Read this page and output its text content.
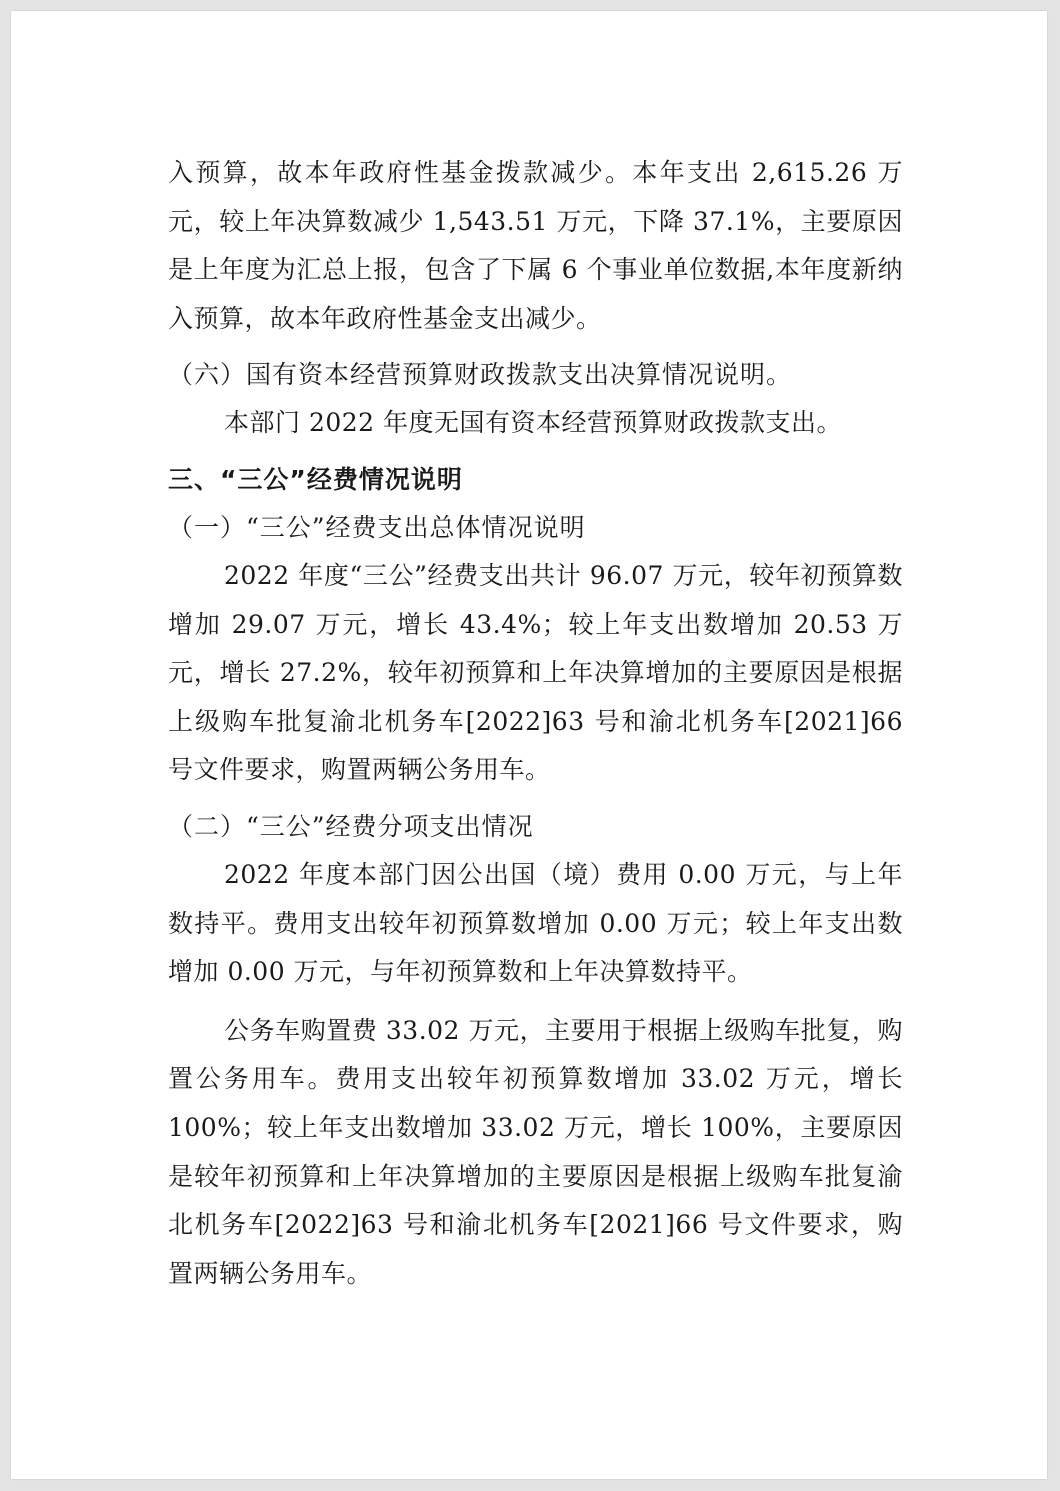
入预算，故本年政府性基金拨款减少。本年支出 2,615.26 万元，较上年决算数减少 1,543.51 万元，下降 37.1%，主要原因是上年度为汇总上报，包含了下属 6 个事业单位数据,本年度新纳入预算，故本年政府性基金支出减少。

（六）国有资本经营预算财政拨款支出决算情况说明。

本部门 2022 年度无国有资本经营预算财政拨款支出。

三、“三公”经费情况说明

（一）“三公”经费支出总体情况说明

2022 年度“三公”经费支出共计 96.07 万元，较年初预算数增加 29.07 万元，增长 43.4%；较上年支出数增加 20.53 万元，增长 27.2%，较年初预算和上年决算增加的主要原因是根据上级购车批复渝北机务车[2022]63 号和渝北机务车[2021]66 号文件要求，购置两辆公务用车。

（二）“三公”经费分项支出情况

2022 年度本部门因公出国（境）费用 0.00 万元，与上年数持平。费用支出较年初预算数增加 0.00 万元；较上年支出数增加 0.00 万元，与年初预算数和上年决算数持平。

公务车购置费 33.02 万元，主要用于根据上级购车批复，购置公务用车。费用支出较年初预算数增加 33.02 万元，增长 100%；较上年支出数增加 33.02 万元，增长 100%，主要原因是较年初预算和上年决算增加的主要原因是根据上级购车批复渝北机务车[2022]63 号和渝北机务车[2021]66 号文件要求，购置两辆公务用车。
